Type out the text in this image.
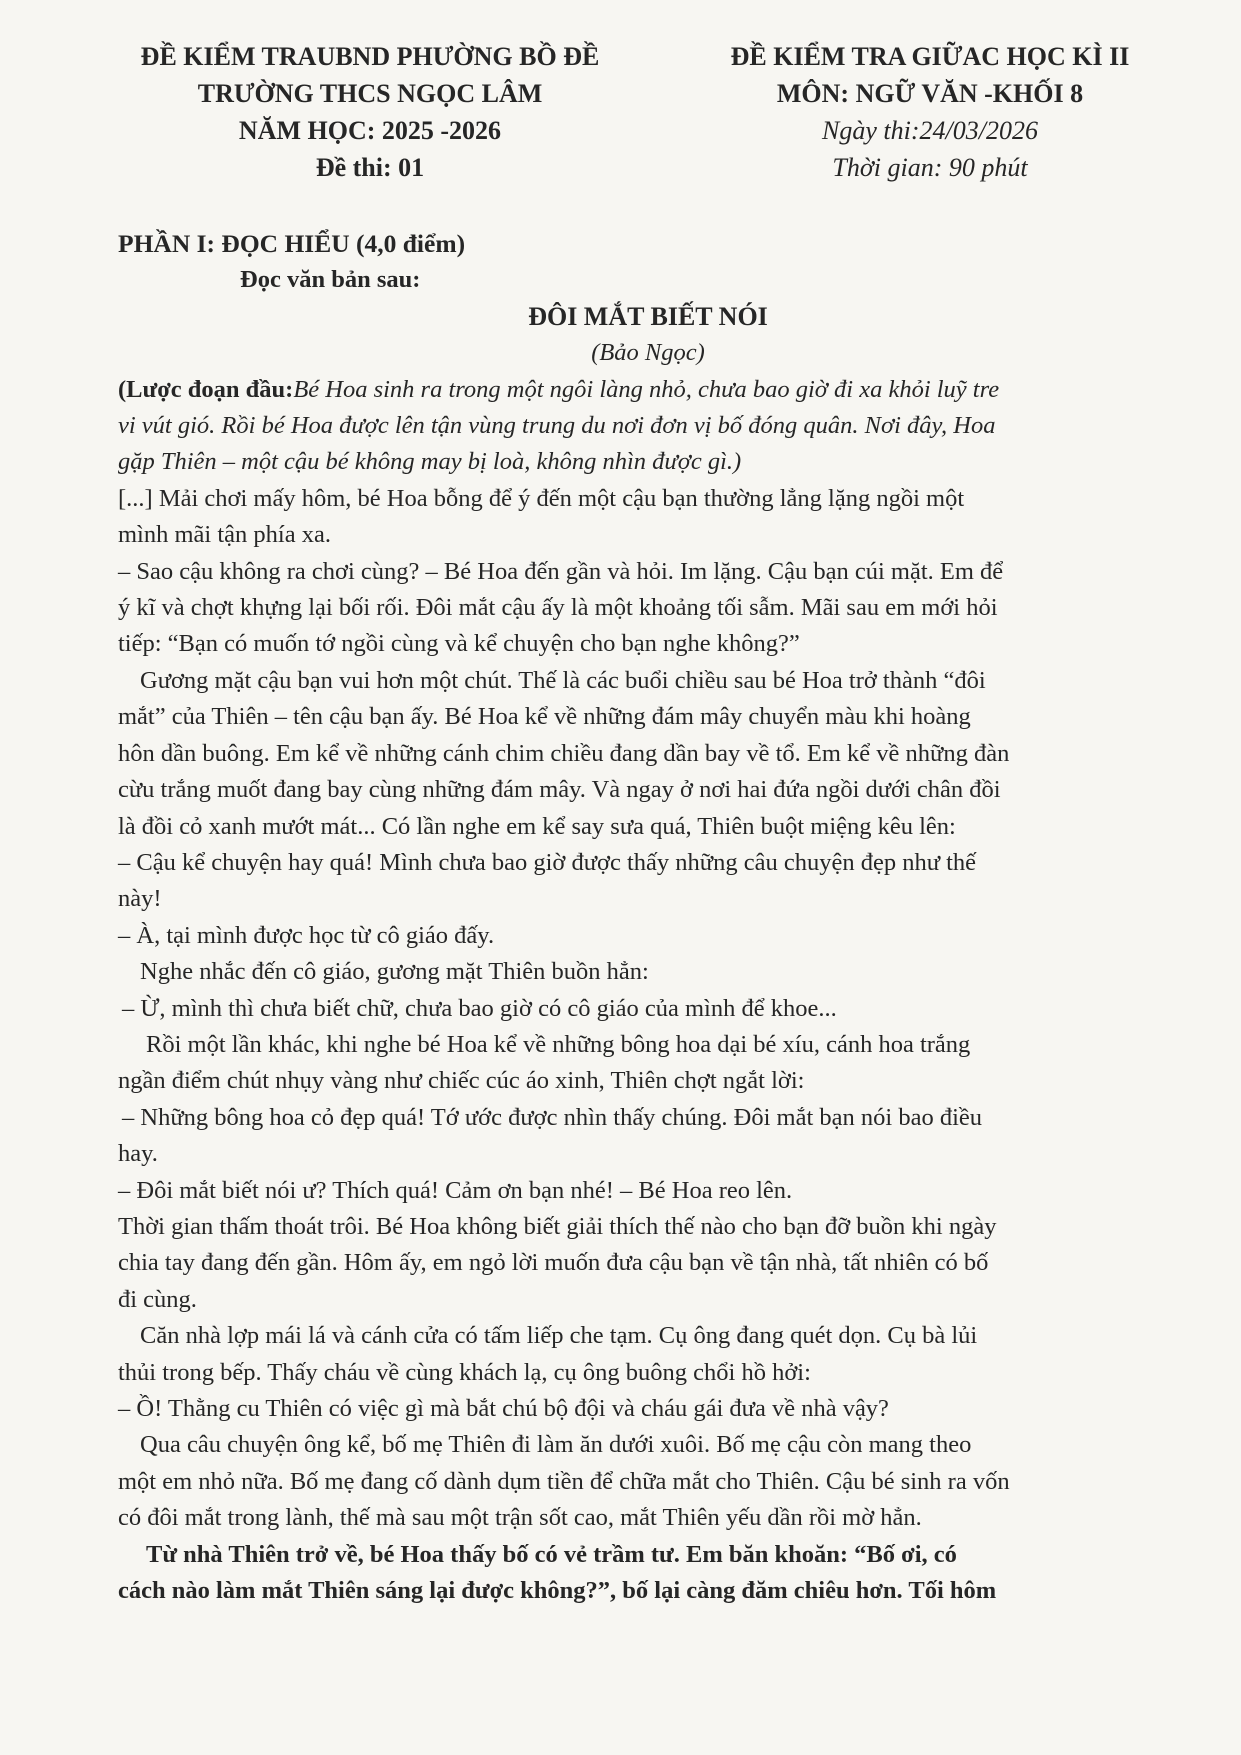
ĐỀ KIỂM TRAUBND PHƯỜNG BỒ ĐỀ
TRƯỜNG THCS NGỌC LÂM
NĂM HỌC: 2025 -2026
Đề thi: 01
ĐỀ KIỂM TRA GIỮAC HỌC KÌ II
MÔN: NGỮ VĂN -KHỐI 8
Ngày thi:24/03/2026
Thời gian: 90 phút
PHẦN I: ĐỌC HIỂU (4,0 điểm)
Đọc văn bản sau:
ĐÔI MẮT BIẾT NÓI
(Bảo Ngọc)
(Lược đoạn đầu:Bé Hoa sinh ra trong một ngôi làng nhỏ, chưa bao giờ đi xa khỏi luỹ tre
vi vút gió. Rồi bé Hoa được lên tận vùng trung du nơi đơn vị bố đóng quân. Nơi đây, Hoa
gặp Thiên – một cậu bé không may bị loà, không nhìn được gì.)
[...] Mải chơi mấy hôm, bé Hoa bỗng để ý đến một cậu bạn thường lẳng lặng ngồi một
mình mãi tận phía xa.
– Sao cậu không ra chơi cùng? – Bé Hoa đến gần và hỏi. Im lặng. Cậu bạn cúi mặt. Em để
ý kĩ và chợt khựng lại bối rối. Đôi mắt cậu ấy là một khoảng tối sẫm. Mãi sau em mới hỏi
tiếp: “Bạn có muốn tớ ngồi cùng và kể chuyện cho bạn nghe không?”
Gương mặt cậu bạn vui hơn một chút. Thế là các buổi chiều sau bé Hoa trở thành “đôi
mắt” của Thiên – tên cậu bạn ấy. Bé Hoa kể về những đám mây chuyển màu khi hoàng
hôn dần buông. Em kể về những cánh chim chiều đang dần bay về tổ. Em kể về những đàn
cừu trắng muốt đang bay cùng những đám mây. Và ngay ở nơi hai đứa ngồi dưới chân đồi
là đồi cỏ xanh mướt mát... Có lần nghe em kể say sưa quá, Thiên buột miệng kêu lên:
– Cậu kể chuyện hay quá! Mình chưa bao giờ được thấy những câu chuyện đẹp như thế
này!
– À, tại mình được học từ cô giáo đấy.
Nghe nhắc đến cô giáo, gương mặt Thiên buồn hẳn:
– Ừ, mình thì chưa biết chữ, chưa bao giờ có cô giáo của mình để khoe...
Rồi một lần khác, khi nghe bé Hoa kể về những bông hoa dại bé xíu, cánh hoa trắng
ngần điểm chút nhụy vàng như chiếc cúc áo xinh, Thiên chợt ngắt lời:
– Những bông hoa cỏ đẹp quá! Tớ ước được nhìn thấy chúng. Đôi mắt bạn nói bao điều
hay.
– Đôi mắt biết nói ư? Thích quá! Cảm ơn bạn nhé! – Bé Hoa reo lên.
Thời gian thấm thoát trôi. Bé Hoa không biết giải thích thế nào cho bạn đỡ buồn khi ngày
chia tay đang đến gần. Hôm ấy, em ngỏ lời muốn đưa cậu bạn về tận nhà, tất nhiên có bố
đi cùng.
Căn nhà lợp mái lá và cánh cửa có tấm liếp che tạm. Cụ ông đang quét dọn. Cụ bà lủi
thủi trong bếp. Thấy cháu về cùng khách lạ, cụ ông buông chổi hồ hởi:
– Ồ! Thằng cu Thiên có việc gì mà bắt chú bộ đội và cháu gái đưa về nhà vậy?
Qua câu chuyện ông kể, bố mẹ Thiên đi làm ăn dưới xuôi. Bố mẹ cậu còn mang theo
một em nhỏ nữa. Bố mẹ đang cố dành dụm tiền để chữa mắt cho Thiên. Cậu bé sinh ra vốn
có đôi mắt trong lành, thế mà sau một trận sốt cao, mắt Thiên yếu dần rồi mờ hẳn.
Từ nhà Thiên trở về, bé Hoa thấy bố có vẻ trầm tư. Em băn khoăn: “Bố ơi, có
cách nào làm mắt Thiên sáng lại được không?”, bố lại càng đăm chiêu hơn. Tối hôm
